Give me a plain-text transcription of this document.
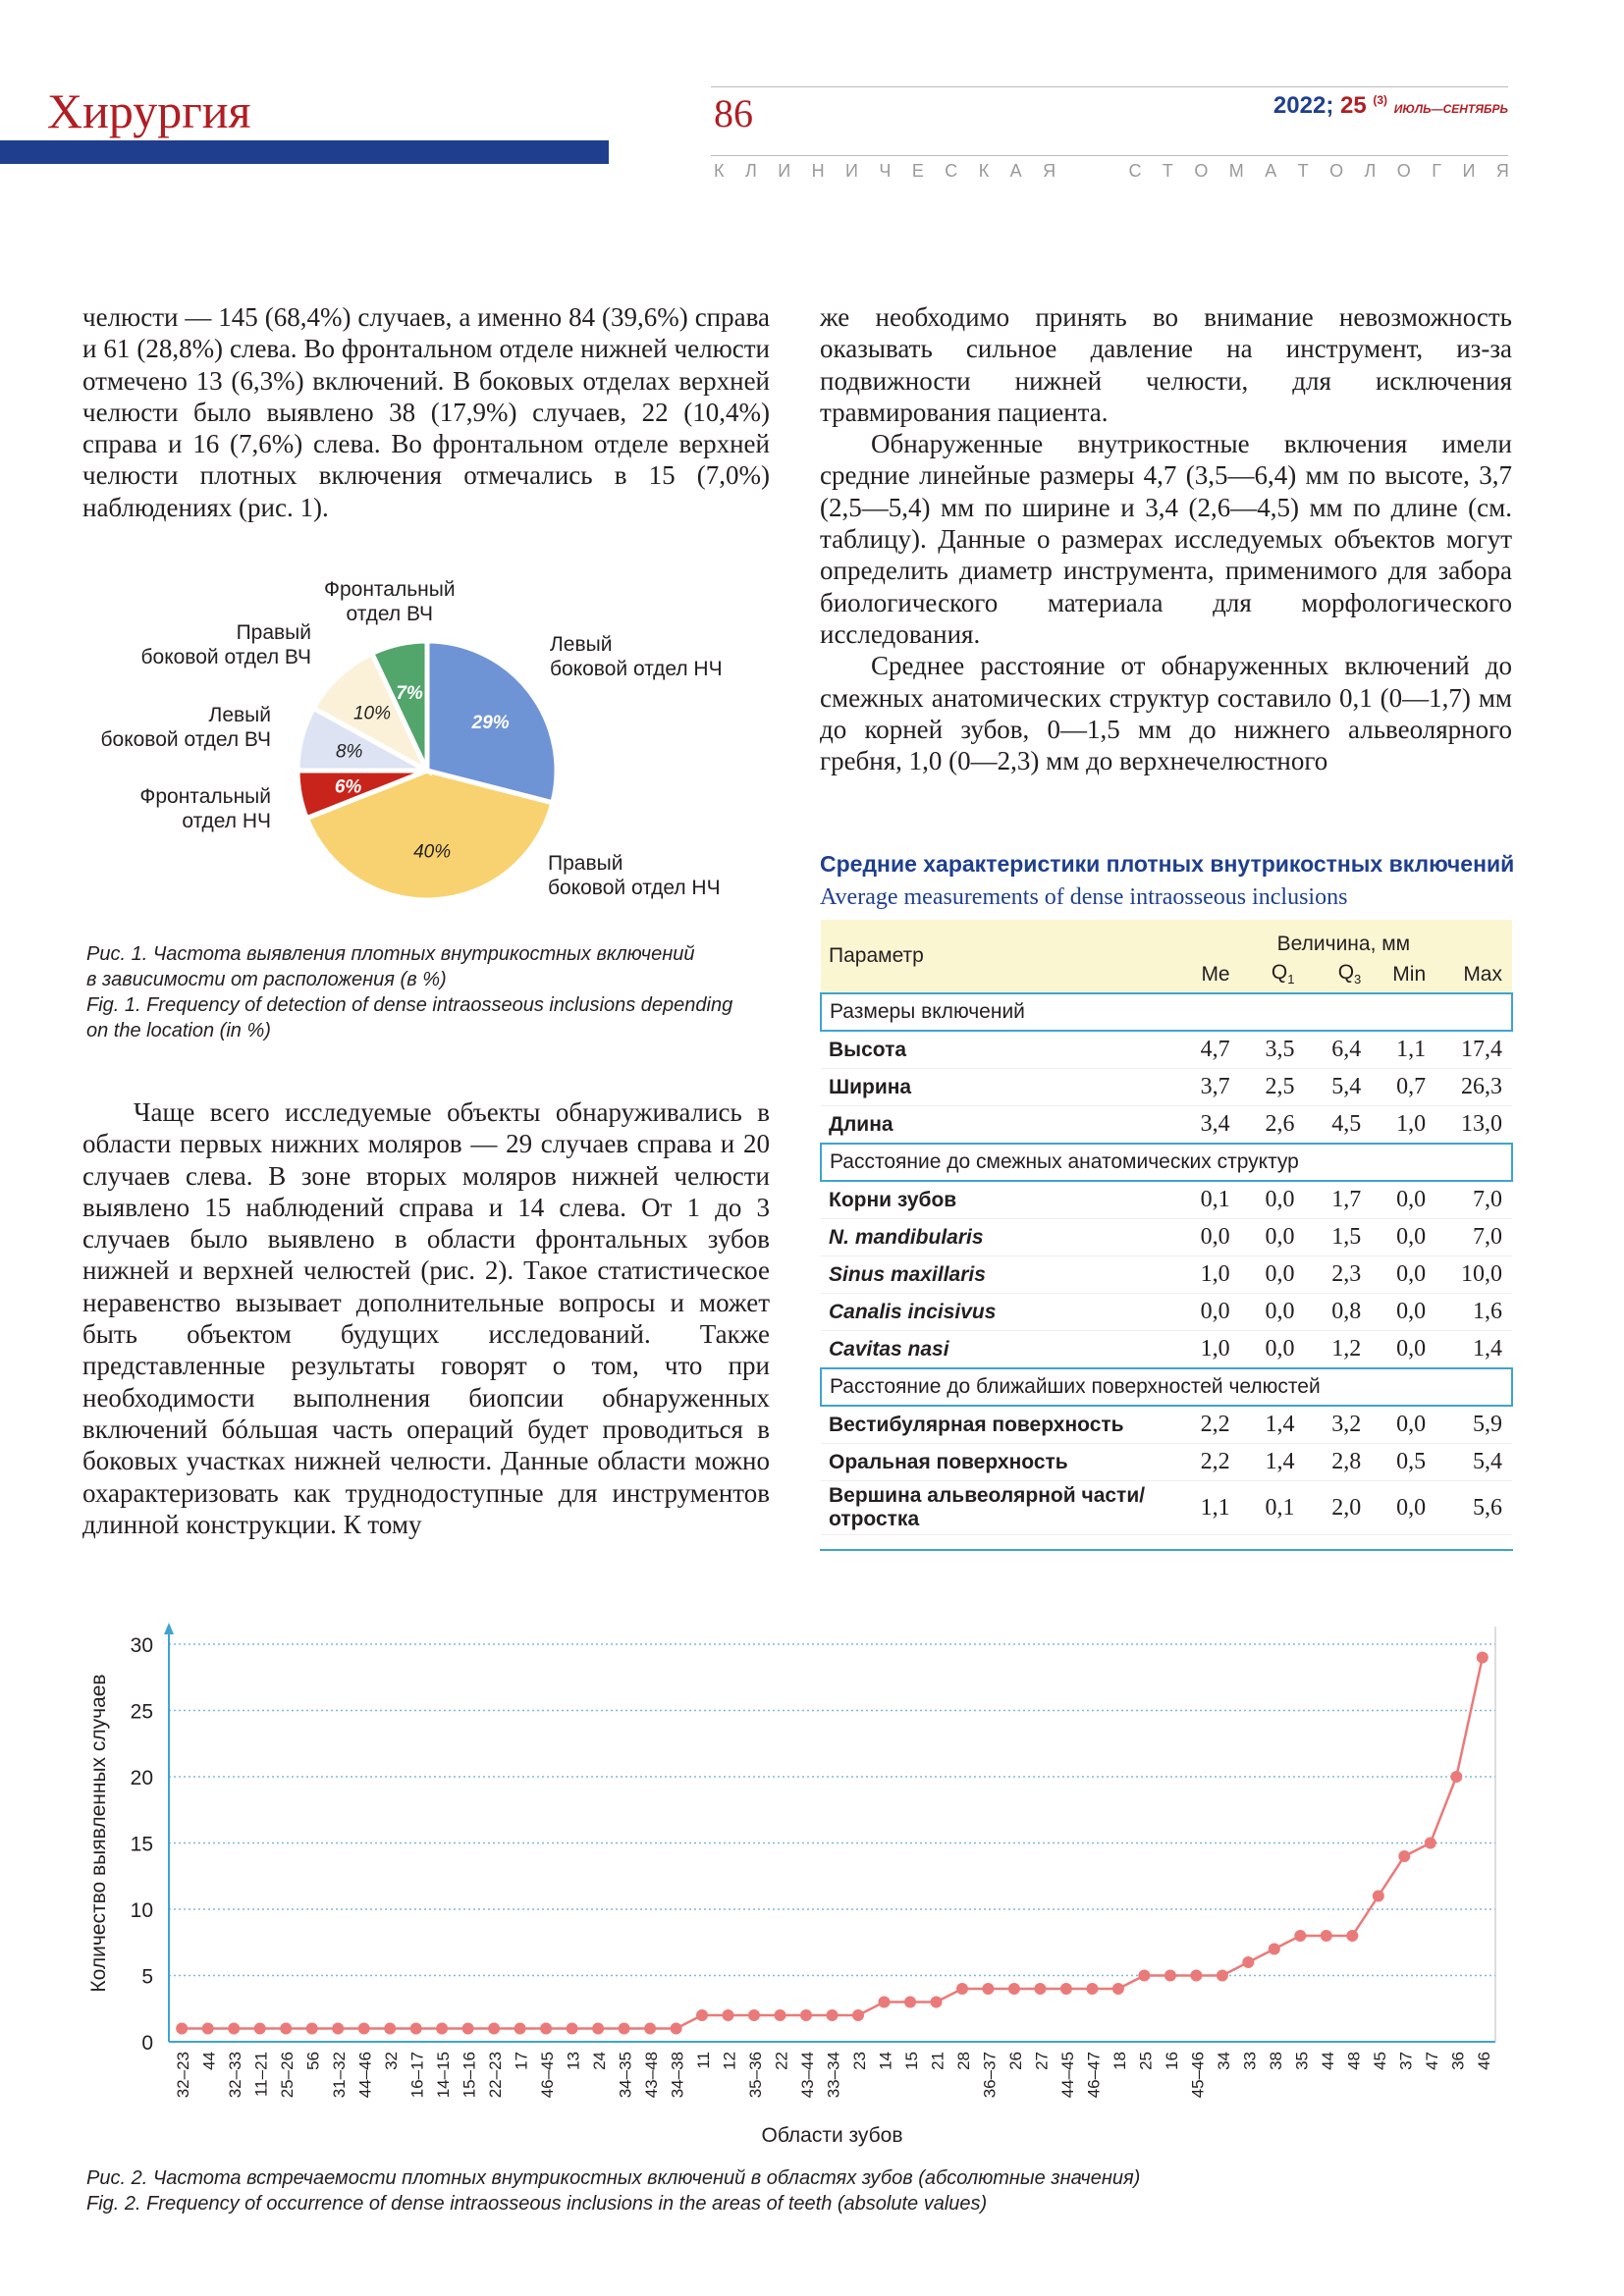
Хирургия	86	2022; 25 $^{(3)}$ ИЮЛЬ—СЕНТЯБРЬ
К Л И Н И Ч Е С К А Я

	С Т О М А Т О Л О Г И Я
челюсти — 145 (68,4%) случаев, а именно 84 (39,6%) справа и 61 (28,8%) слева. Во фронтальном отделе нижней челюсти отмечено 13 (6,3%) включений. В боковых отделах верхней челюсти было выявлено 38 (17,9%) случаев, 22 (10,4%) справа и 16 (7,6%) слева. Во фронтальном отделе верхней челюсти плотных включения отмечались в 15 (7,0%) наблюдениях (рис. 1).
29%
40%
6%
8%
10%
7%
Фронтальный
отдел ВЧ
Левый
боковой отдел НЧ
Правый
боковой отдел ВЧ
Левый
боковой отдел ВЧ
Фронтальный
отдел НЧ
Правый
боковой отдел НЧ
Рис. 1. Частота выявления плотных внутрикостных включений
в зависимости от расположения (в %)
Fig. 1. Frequency of detection of dense intraosseous inclusions depending
on the location (in %)
Чаще всего исследуемые объекты обнаруживались в области первых нижних моляров — 29 случаев справа и 20 случаев слева. В зоне вторых моляров нижней челюсти выявлено 15 наблюдений справа и 14 слева. От 1 до 3 случаев было выявлено в области фронтальных зубов нижней и верхней челюстей (рис. 2). Такое статистическое неравенство вызывает дополнительные вопросы и может быть объектом будущих исследований. Также представленные результаты говорят о том, что при необходимости выполнения биопсии обнаруженных включений бóльшая часть операций будет проводиться в боковых участках нижней челюсти. Данные области можно охарактеризовать как труднодоступные для инструментов длинной конструкции. К тому
же необходимо принять во внимание невозможность оказывать сильное давление на инструмент, из-за подвижности нижней челюсти, для исключения травмирования пациента.
Обнаруженные внутрикостные включения имели средние линейные размеры 4,7 (3,5—6,4) мм по высоте, 3,7 (2,5—5,4) мм по ширине и 3,4 (2,6—4,5) мм по длине (см. таблицу). Данные о размерах исследуемых объектов могут определить диаметр инструмента, применимого для забора биологического материала для морфологического исследования.
Среднее расстояние от обнаруженных включений до смежных анатомических структур составило 0,1 (0—1,7) мм до корней зубов, 0—1,5 мм до нижнего альвеолярного гребня, 1,0 (0—2,3) мм до верхнечелюстного
Средние характеристики плотных внутрикостных включений
Average measurements of dense intraosseous inclusions
Параметр	Величина, мм				
	Me	$Q_1$	$Q_3$	Min	Max
Размеры включений					
Высота	4,7	3,5	6,4	1,1	17,4
Ширина	3,7	2,5	5,4	0,7	26,3
Длина	3,4	2,6	4,5	1,0	13,0
Расстояние до смежных анатомических структур					
Корни зубов	0,1	0,0	1,7	0,0	7,0
N. mandibularis	0,0	0,0	1,5	0,0	7,0
Sinus maxillaris	1,0	0,0	2,3	0,0	10,0
Canalis incisivus	0,0	0,0	0,8	0,0	1,6
Cavitas nasi	1,0	0,0	1,2	0,0	1,4
Расстояние до ближайших поверхностей челюстей					
Вестибулярная поверхность	2,2	1,4	3,2	0,0	5,9
Оральная поверхность	2,2	1,4	2,8	0,5	5,4

Вершина альвеолярной части/
отростка	1,1	0,1	2,0	0,0	5,6
0
5
10
15
20
25
30
32–23 44 32–33 11–21 25–26 56 31–32 44–46 32 16–17 14–15 15–16 22–23 17 46–45 13 24 34–35 43–48 34–38 11 12 35–36 22 43–44 33–34 23 14 15 21 28 36–37 26 27 44–45 46–47 18 25 16 45–46 34 33 38 35 44 48 45 37 47 36 46
Области зубов
Количество выявленных случаев
Рис. 2. Частота встречаемости плотных внутрикостных включений в областях зубов (абсолютные значения)
Fig. 2. Frequency of occurrence of dense intraosseous inclusions in the areas of teeth (absolute values)
